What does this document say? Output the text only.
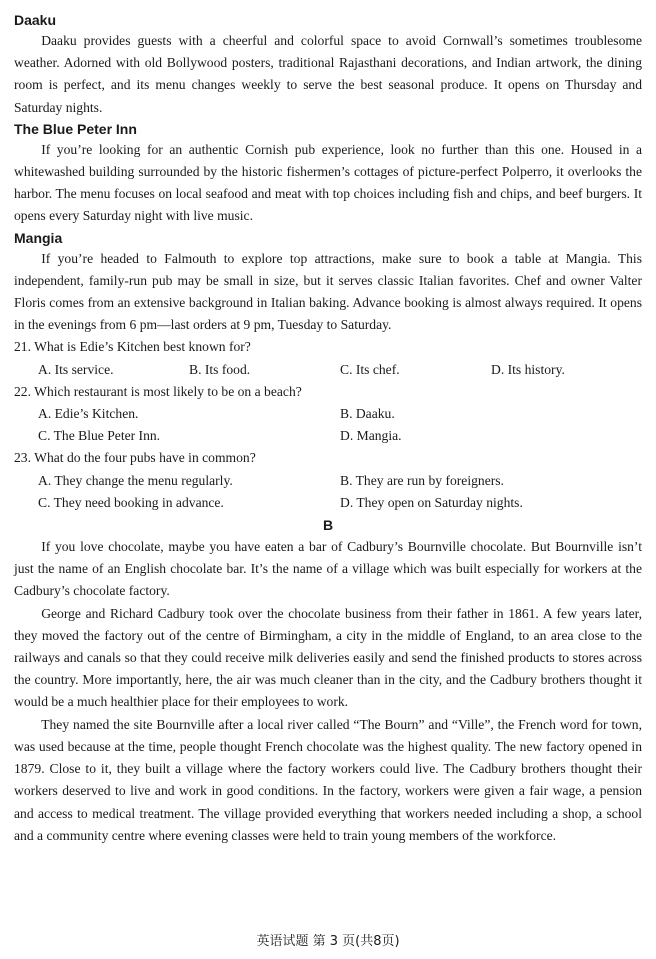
Daaku

Daaku provides guests with a cheerful and colorful space to avoid Cornwall’s sometimes troublesome weather. Adorned with old Bollywood posters, traditional Rajasthani decorations, and Indian artwork, the dining room is perfect, and its menu changes weekly to serve the best seasonal produce. It opens on Thursday and Saturday nights.

The Blue Peter Inn

If you’re looking for an authentic Cornish pub experience, look no further than this one. Housed in a whitewashed building surrounded by the historic fishermen’s cottages of picture-perfect Polperro, it overlooks the harbor. The menu focuses on local seafood and meat with top choices including fish and chips, and beef burgers. It opens every Saturday night with live music.

Mangia

If you’re headed to Falmouth to explore top attractions, make sure to book a table at Mangia. This independent, family-run pub may be small in size, but it serves classic Italian favorites. Chef and owner Valter Floris comes from an extensive background in Italian baking. Advance booking is almost always required. It opens in the evenings from 6 pm—last orders at 9 pm, Tuesday to Saturday.

21. What is Edie’s Kitchen best known for?
A. Its service.	B. Its food.	C. Its chef.	D. Its history.
22. Which restaurant is most likely to be on a beach?
A. Edie’s Kitchen.	B. Daaku.
C. The Blue Peter Inn.	D. Mangia.
23. What do the four pubs have in common?
A. They change the menu regularly.	B. They are run by foreigners.
C. They need booking in advance.	D. They open on Saturday nights.
B

If you love chocolate, maybe you have eaten a bar of Cadbury’s Bournville chocolate. But Bournville isn’t just the name of an English chocolate bar. It’s the name of a village which was built especially for workers at the Cadbury’s chocolate factory.

George and Richard Cadbury took over the chocolate business from their father in 1861. A few years later, they moved the factory out of the centre of Birmingham, a city in the middle of England, to an area close to the railways and canals so that they could receive milk deliveries easily and send the finished products to stores across the country. More importantly, here, the air was much cleaner than in the city, and the Cadbury brothers thought it would be a much healthier place for their employees to work.

They named the site Bournville after a local river called “The Bourn” and “Ville”, the French word for town, was used because at the time, people thought French chocolate was the highest quality. The new factory opened in 1879. Close to it, they built a village where the factory workers could live. The Cadbury brothers thought their workers deserved to live and work in good conditions. In the factory, workers were given a fair wage, a pension and access to medical treatment. The village provided everything that workers needed including a shop, a school and a community centre where evening classes were held to train young members of the workforce.

英语试题 第 3 页(共8页)
